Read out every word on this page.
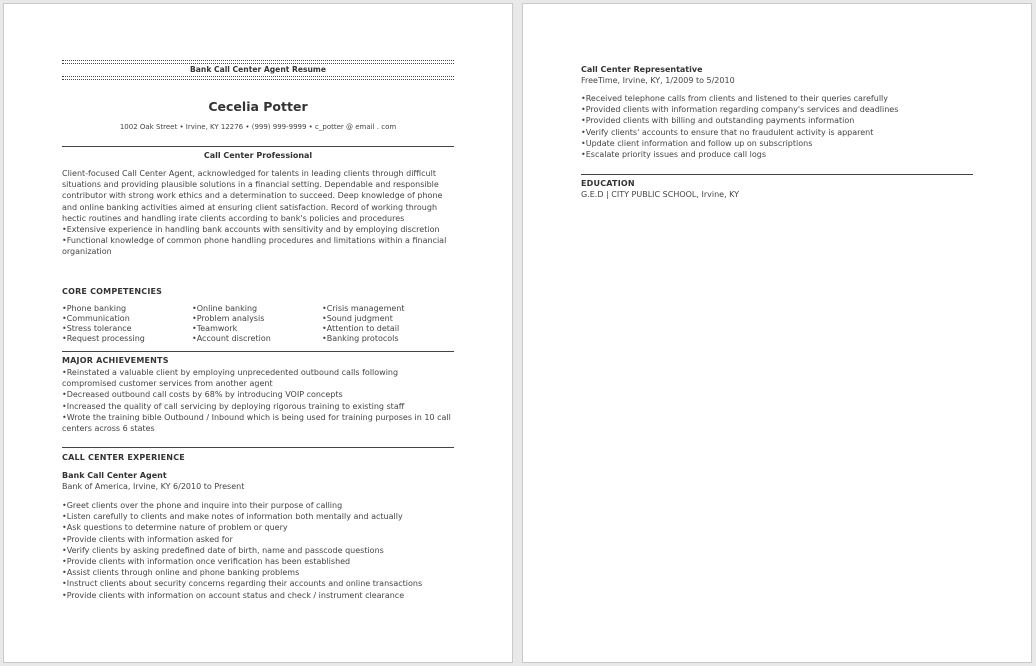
Bank Call Center Agent Resume
Cecelia Potter
1002 Oak Street • Irvine, KY 12276 • (999) 999-9999 • c_potter @ email . com
Call Center Professional

Client-focused Call Center Agent, acknowledged for talents in leading clients through difficult situations and providing plausible solutions in a financial setting. Dependable and responsible contributor with strong work ethics and a determination to succeed. Deep knowledge of phone and online banking activities aimed at ensuring client satisfaction. Record of working through hectic routines and handling irate clients according to bank's policies and procedures

• Extensive experience in handling bank accounts with sensitivity and by employing discretion
• Functional knowledge of common phone handling procedures and limitations within a financial organization
CORE COMPETENCIES
• Phone banking
• Communication
• Stress tolerance
• Request processing
• Online banking
• Problem analysis
• Teamwork
• Account discretion
• Crisis management
• Sound judgment
• Attention to detail
• Banking protocols
MAJOR ACHIEVEMENTS
• Reinstated a valuable client by employing unprecedented outbound calls following compromised customer services from another agent
• Decreased outbound call costs by 68% by introducing VOIP concepts
• Increased the quality of call servicing by deploying rigorous training to existing staff
• Wrote the training bible Outbound / Inbound which is being used for training purposes in 10 call centers across 6 states
CALL CENTER EXPERIENCE
Bank Call Center Agent
Bank of America, Irvine, KY 6/2010 to Present
• Greet clients over the phone and inquire into their purpose of calling
• Listen carefully to clients and make notes of information both mentally and actually
• Ask questions to determine nature of problem or query
• Provide clients with information asked for
• Verify clients by asking predefined date of birth, name and passcode questions
• Provide clients with information once verification has been established
• Assist clients through online and phone banking problems
• Instruct clients about security concerns regarding their accounts and online transactions
• Provide clients with information on account status and check / instrument clearance
Call Center Representative
FreeTime, Irvine, KY, 1/2009 to 5/2010
• Received telephone calls from clients and listened to their queries carefully
• Provided clients with information regarding company's services and deadlines
• Provided clients with billing and outstanding payments information
• Verify clients' accounts to ensure that no fraudulent activity is apparent
• Update client information and follow up on subscriptions
• Escalate priority issues and produce call logs
EDUCATION
G.E.D | CITY PUBLIC SCHOOL, Irvine, KY
